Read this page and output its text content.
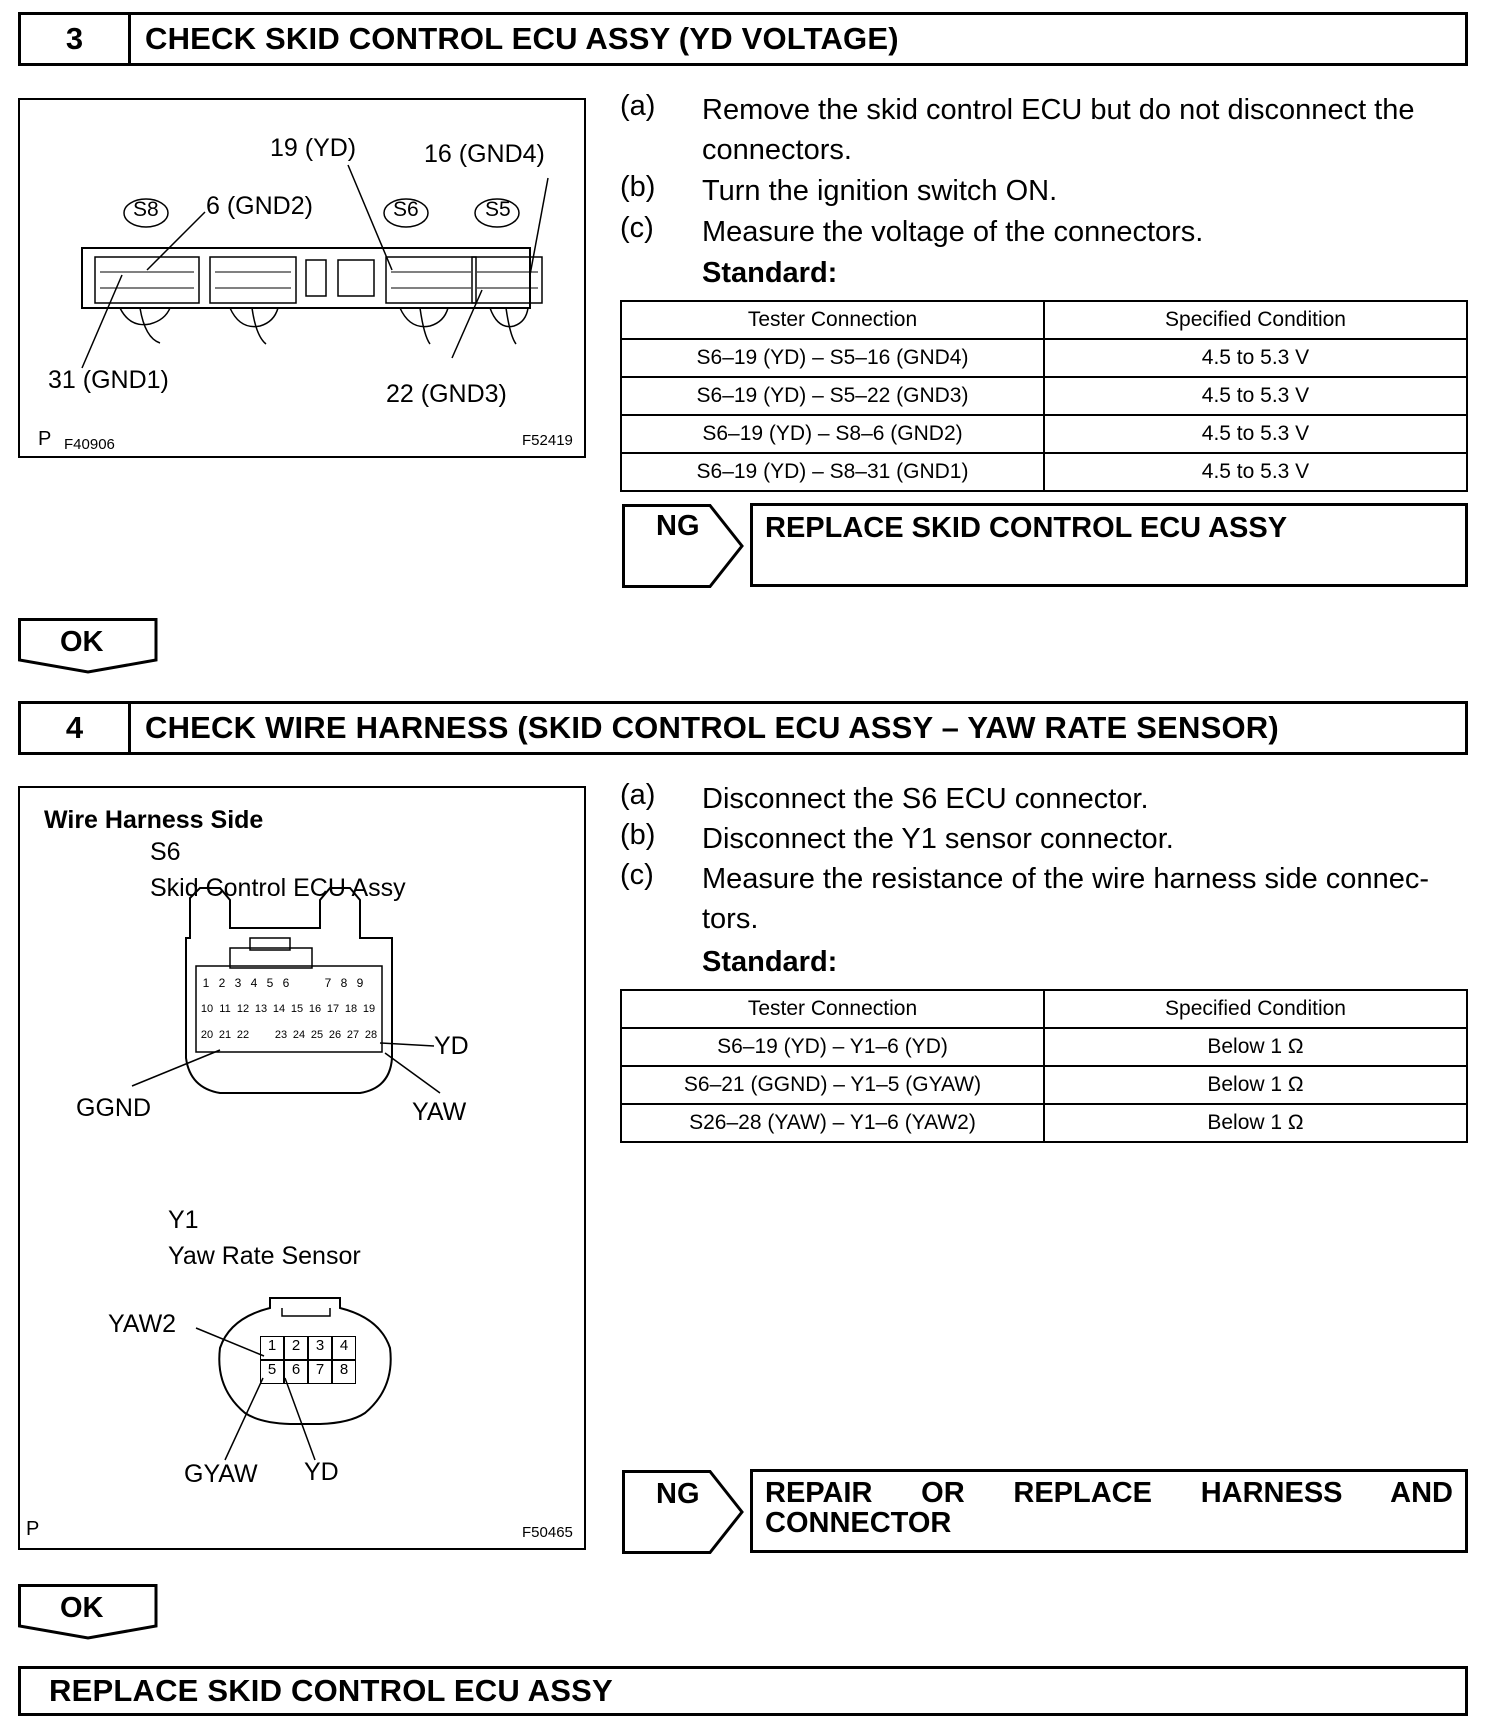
3	CHECK SKID CONTROL ECU ASSY (YD VOLTAGE)
19 (YD)	16 (GND4)
6 (GND2)
S8	S6	S5
31 (GND1)	22 (GND3)
P F40906	F52419
(a)	Remove the skid control ECU but do not disconnect the connectors.
(b)	Turn the ignition switch ON.
(c)	Measure the voltage of the connectors.
Standard:
Tester Connection	Specified Condition
S6–19 (YD) – S5–16 (GND4)	4.5 to 5.3 V
S6–19 (YD) – S5–22 (GND3)	4.5 to 5.3 V
S6–19 (YD) – S8–6 (GND2)	4.5 to 5.3 V
S6–19 (YD) – S8–31 (GND1)	4.5 to 5.3 V
NG	REPLACE SKID CONTROL ECU ASSY
OK
4	CHECK WIRE HARNESS (SKID CONTROL ECU ASSY – YAW RATE SENSOR)
Wire Harness Side
S6
Skid Control ECU Assy
1 2 3 4 5 6	7 8 9
10 11 12 13 14 15 16 17 18 19
20 21 22 23 24 25 26 27 28 YD
GGND	YAW
Y1
Yaw Rate Sensor
1	2	3	4
5	6	7	8
YAW2
GYAW YD
P	F50465
(a)	Disconnect the S6 ECU connector.
(b)	Disconnect the Y1 sensor connector.
(c)	Measure the resistance of the wire harness side connec- tors.
Standard:
Tester Connection	Specified Condition
S6–19 (YD) – Y1–6 (YD)	Below 1 Ω
S6–21 (GGND) – Y1–5 (GYAW)	Below 1 Ω
S26–28 (YAW) – Y1–6 (YAW2)	Below 1 Ω
NG	REPAIR OR REPLACE HARNESS AND CONNECTOR
OK
REPLACE SKID CONTROL ECU ASSY
